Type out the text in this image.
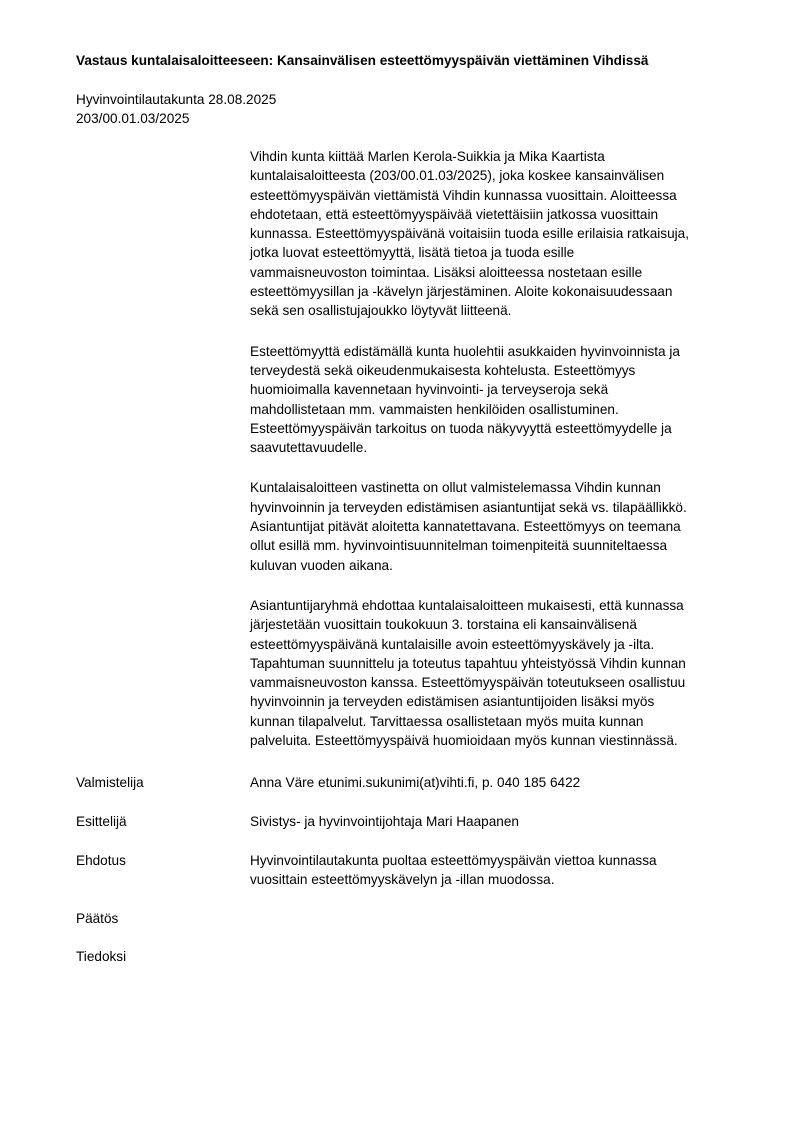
Vastaus kuntalaisaloitteeseen: Kansainvälisen esteettömyyspäivän viettäminen Vihdissä
Hyvinvointilautakunta 28.08.2025
203/00.01.03/2025

Vihdin kunta kiittää Marlen Kerola-Suikkia ja Mika Kaartista
kuntalaisaloitteesta (203/00.01.03/2025), joka koskee kansainvälisen
esteettömyyspäivän viettämistä Vihdin kunnassa vuosittain. Aloitteessa
ehdotetaan, että esteettömyyspäivää vietettäisiin jatkossa vuosittain
kunnassa. Esteettömyyspäivänä voitaisiin tuoda esille erilaisia ratkaisuja,
jotka luovat esteettömyyttä, lisätä tietoa ja tuoda esille
vammaisneuvoston toimintaa. Lisäksi aloitteessa nostetaan esille
esteettömyysillan ja -kävelyn järjestäminen. Aloite kokonaisuudessaan
sekä sen osallistujajoukko löytyvät liitteenä.

Esteettömyyttä edistämällä kunta huolehtii asukkaiden hyvinvoinnista ja
terveydestä sekä oikeudenmukaisesta kohtelusta. Esteettömyys
huomioimalla kavennetaan hyvinvointi- ja terveyseroja sekä
mahdollistetaan mm. vammaisten henkilöiden osallistuminen.
Esteettömyyspäivän tarkoitus on tuoda näkyvyyttä esteettömyydelle ja
saavutettavuudelle.

Kuntalaisaloitteen vastinetta on ollut valmistelemassa Vihdin kunnan
hyvinvoinnin ja terveyden edistämisen asiantuntijat sekä vs. tilapäällikkö.
Asiantuntijat pitävät aloitetta kannatettavana. Esteettömyys on teemana
ollut esillä mm. hyvinvointisuunnitelman toimenpiteitä suunniteltaessa
kuluvan vuoden aikana.

Asiantuntijaryhmä ehdottaa kuntalaisaloitteen mukaisesti, että kunnassa
järjestetään vuosittain toukokuun 3. torstaina eli kansainvälisenä
esteettömyyspäivänä kuntalaisille avoin esteettömyyskävely ja -ilta.
Tapahtuman suunnittelu ja toteutus tapahtuu yhteistyössä Vihdin kunnan
vammaisneuvoston kanssa. Esteettömyyspäivän toteutukseen osallistuu
hyvinvoinnin ja terveyden edistämisen asiantuntijoiden lisäksi myös
kunnan tilapalvelut. Tarvittaessa osallistetaan myös muita kunnan
palveluita. Esteettömyyspäivä huomioidaan myös kunnan viestinnässä.

Valmistelija	Anna Väre etunimi.sukunimi(at)vihti.fi, p. 040 185 6422
Esittelijä	Sivistys- ja hyvinvointijohtaja Mari Haapanen
Ehdotus	Hyvinvointilautakunta puoltaa esteettömyyspäivän viettoa kunnassa
vuosittain esteettömyyskävelyn ja -illan muodossa.
Päätös
Tiedoksi
